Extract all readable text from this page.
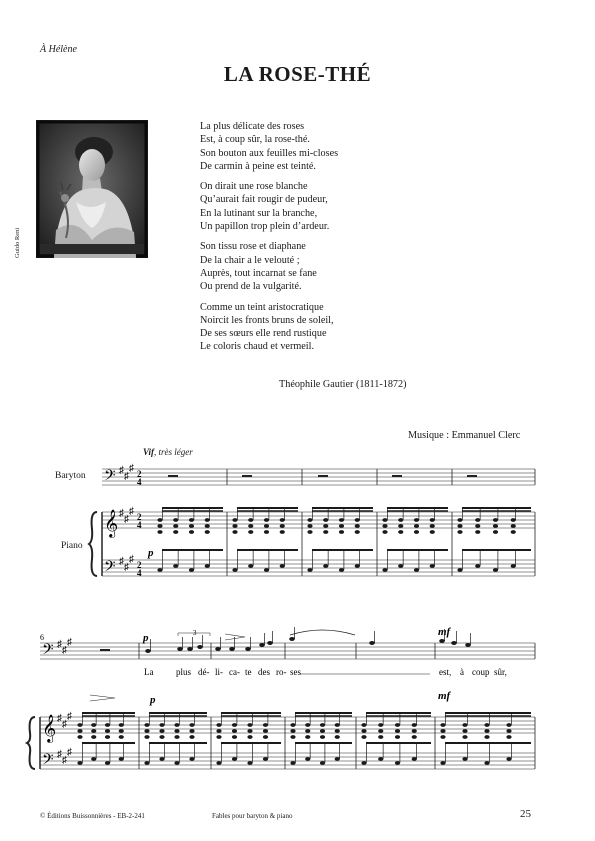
À Hélène
LA ROSE-THÉ
Guido Reni
La plus délicate des roses
Est, à coup sûr, la rose-thé.
Son bouton aux feuilles mi-closes
De carmin à peine est teinté.
On dirait une rose blanche
Qu’aurait fait rougir de pudeur,
En la lutinant sur la branche,
Un papillon trop plein d’ardeur.
Son tissu rose et diaphane
De la chair a le velouté ;
Auprès, tout incarnat se fane
Ou prend de la vulgarité.
Comme un teint aristocratique
Noircit les fronts bruns de soleil,
De ses sœurs elle rend rustique
Le coloris chaud et vermeil.
Théophile Gautier (1811-1872)
Musique : Emmanuel Clerc
Vif, très léger
Baryton
Piano
𝄢
𝄞
𝄢
♯
♯
♯
♯
♯
♯
♯
♯
♯
2
4
2
4
2
4
p
6
𝄢
𝄞
𝄢
♯
♯
♯
♯
♯
♯
♯
♯
♯
p
p
mf
mf
3
La	plus dé- li- ca- te des ro- ses	est, à coup sûr,
© Éditions Buissonnières - EB-2-241	Fables pour baryton & piano	25
